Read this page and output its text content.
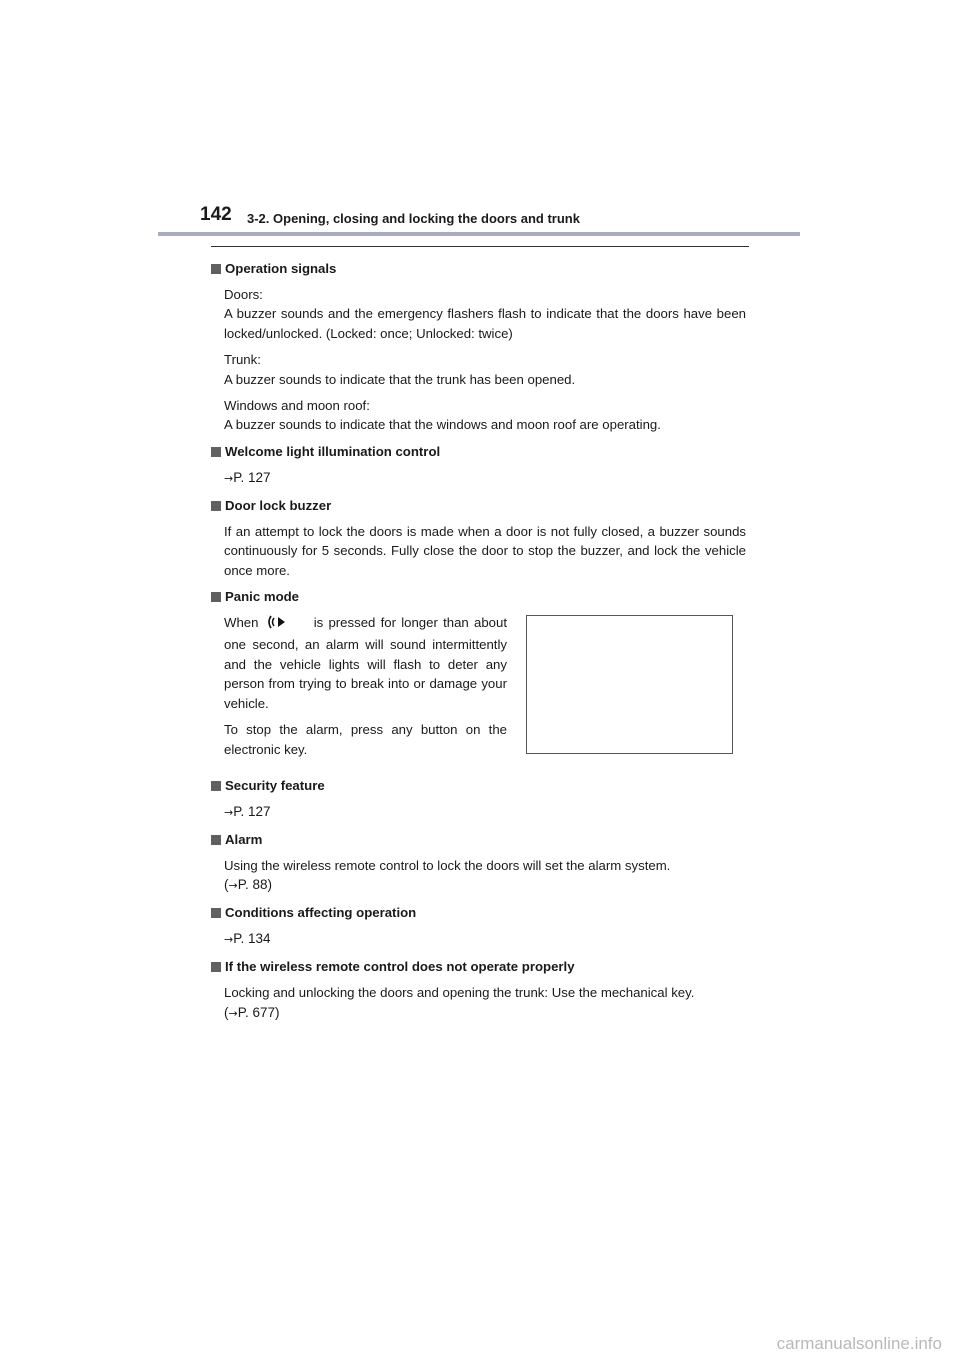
142 3-2. Opening, closing and locking the doors and trunk
Operation signals
Doors:
A buzzer sounds and the emergency flashers flash to indicate that the doors have been locked/unlocked. (Locked: once; Unlocked: twice)
Trunk:
A buzzer sounds to indicate that the trunk has been opened.
Windows and moon roof:
A buzzer sounds to indicate that the windows and moon roof are operating.
Welcome light illumination control
→P. 127
Door lock buzzer
If an attempt to lock the doors is made when a door is not fully closed, a buzzer sounds continuously for 5 seconds. Fully close the door to stop the buzzer, and lock the vehicle once more.
Panic mode
When	is pressed for longer than about one second, an alarm will sound intermittently and the vehicle lights will flash to deter any person from trying to break into or damage your vehicle.
To stop the alarm, press any button on the electronic key.
Security feature
→P. 127
Alarm
Using the wireless remote control to lock the doors will set the alarm system.
(→P. 88)
Conditions affecting operation
→P. 134
If the wireless remote control does not operate properly
Locking and unlocking the doors and opening the trunk: Use the mechanical key.
(→P. 677)
carmanualsonline.info
